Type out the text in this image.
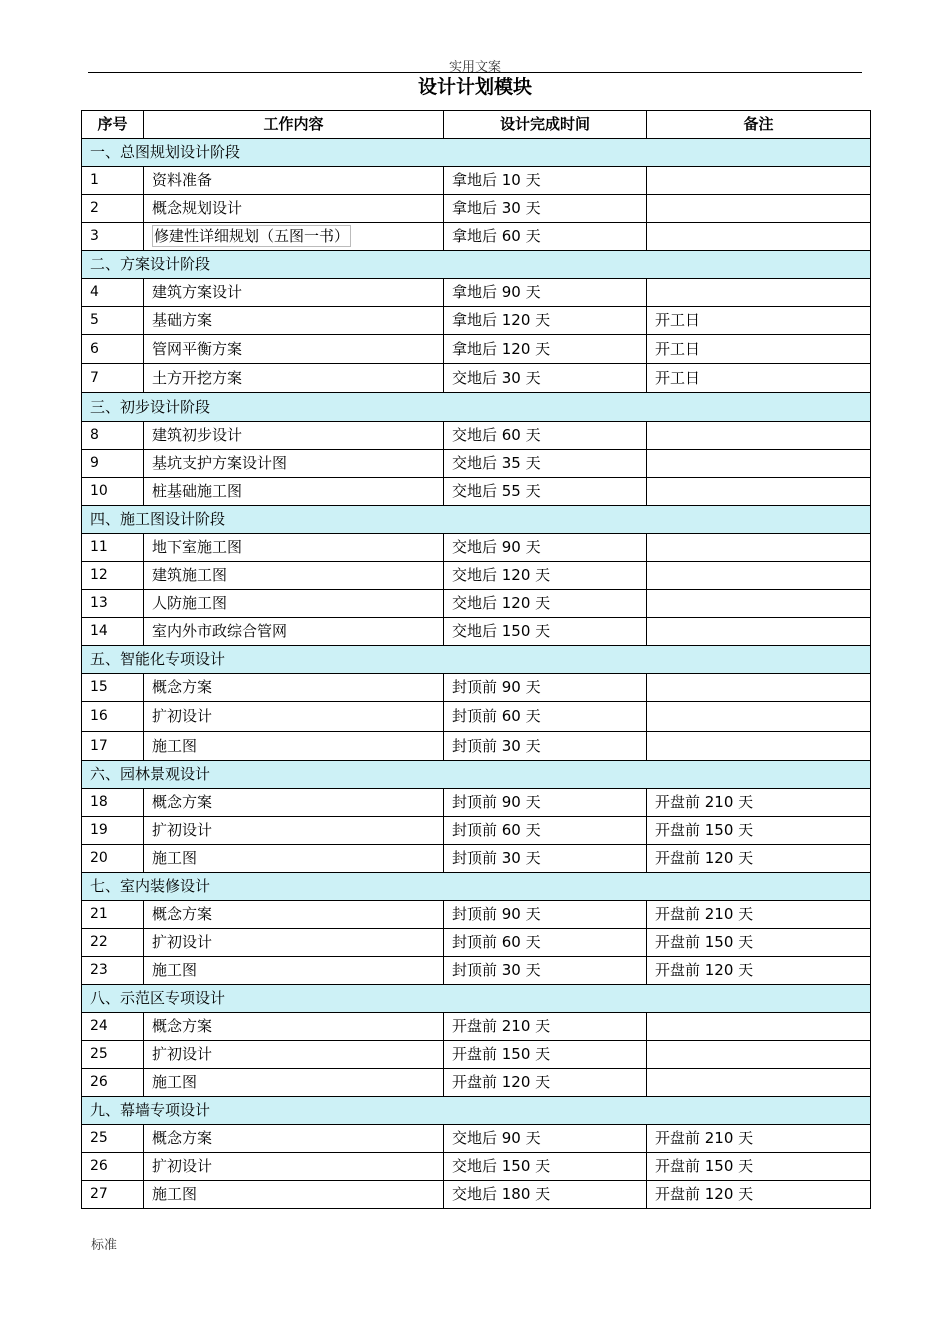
实用文案
设计计划模块
序号	工作内容	设计完成时间	备注
一、总图规划设计阶段			
1	资料准备	拿地后 10 天	
2	概念规划设计	拿地后 30 天	
3	修建性详细规划（五图一书）	拿地后 60 天	
二、方案设计阶段			
4	建筑方案设计	拿地后 90 天	
5	基础方案	拿地后 120 天	开工日
6	管网平衡方案	拿地后 120 天	开工日
7	土方开挖方案	交地后 30 天	开工日
三、初步设计阶段			
8	建筑初步设计	交地后 60 天	
9	基坑支护方案设计图	交地后 35 天	
10	桩基础施工图	交地后 55 天	
四、施工图设计阶段			
11	地下室施工图	交地后 90 天	
12	建筑施工图	交地后 120 天	
13	人防施工图	交地后 120 天	
14	室内外市政综合管网	交地后 150 天	
五、智能化专项设计			
15	概念方案	封顶前 90 天	
16	扩初设计	封顶前 60 天	
17	施工图	封顶前 30 天	
六、园林景观设计			
18	概念方案	封顶前 90 天	开盘前 210 天
19	扩初设计	封顶前 60 天	开盘前 150 天
20	施工图	封顶前 30 天	开盘前 120 天
七、室内装修设计			
21	概念方案	封顶前 90 天	开盘前 210 天
22	扩初设计	封顶前 60 天	开盘前 150 天
23	施工图	封顶前 30 天	开盘前 120 天
八、示范区专项设计			
24	概念方案	开盘前 210 天	
25	扩初设计	开盘前 150 天	
26	施工图	开盘前 120 天	
九、幕墙专项设计			
25	概念方案	交地后 90 天	开盘前 210 天
26	扩初设计	交地后 150 天	开盘前 150 天
27	施工图	交地后 180 天	开盘前 120 天
标准
